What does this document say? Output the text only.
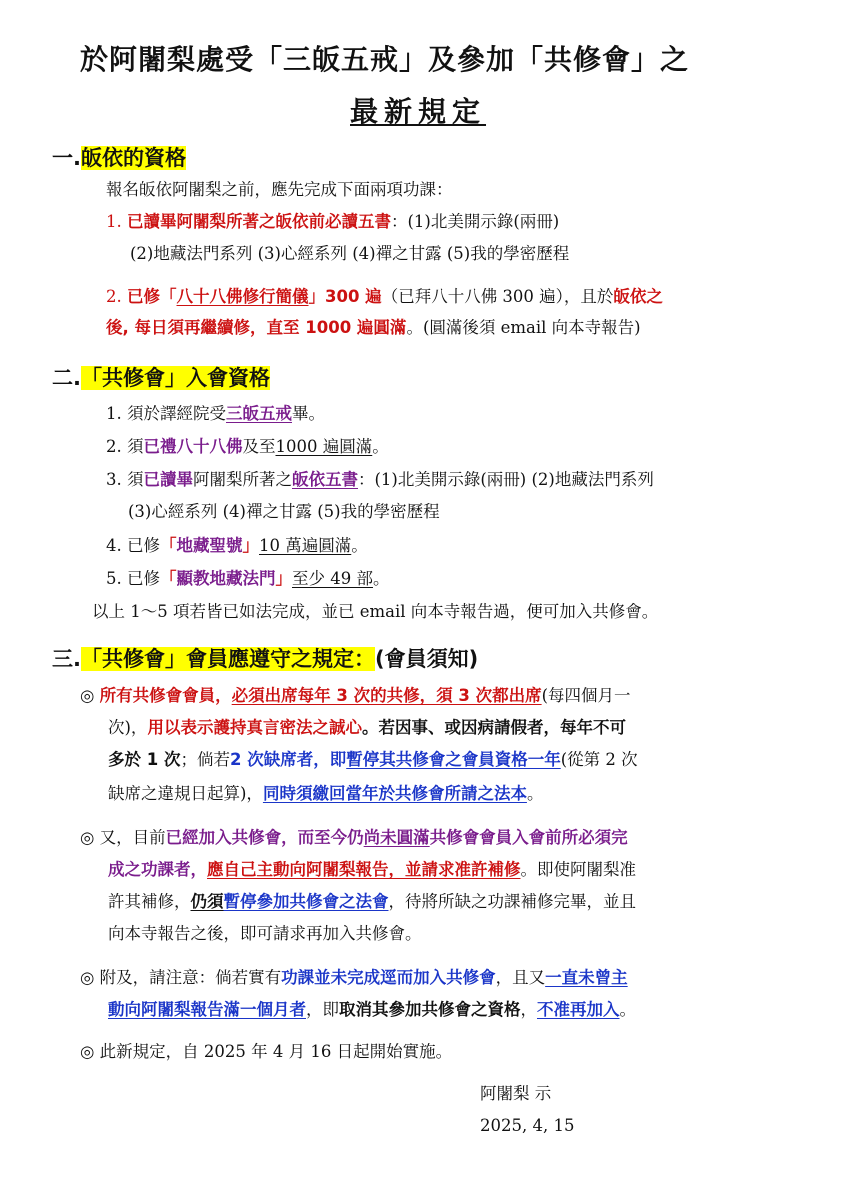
於阿闍梨處受「三皈五戒」及參加「共修會」之
最新規定
一.皈依的資格
報名皈依阿闍梨之前，應先完成下面兩項功課：
1. 已讀畢阿闍梨所著之皈依前必讀五書：(1)北美開示錄(兩冊)
(2)地藏法門系列 (3)心經系列 (4)禪之甘露 (5)我的學密歷程
2. 已修「八十八佛修行簡儀」300 遍（已拜八十八佛 300 遍），且於皈依之
後, 每日須再繼續修，直至 1000 遍圓滿。(圓滿後須 email 向本寺報告)
二.「共修會」入會資格
1. 須於譯經院受三皈五戒畢。
2. 須已禮八十八佛及至1000 遍圓滿。
3. 須已讀畢阿闍梨所著之皈依五書：(1)北美開示錄(兩冊) (2)地藏法門系列
(3)心經系列 (4)禪之甘露 (5)我的學密歷程
4. 已修「地藏聖號」10 萬遍圓滿。
5. 已修「顯教地藏法門」至少 49 部。
以上 1～5 項若皆已如法完成，並已 email 向本寺報告過，便可加入共修會。
三.「共修會」會員應遵守之規定：(會員須知)
◎ 所有共修會會員，必須出席每年 3 次的共修，須 3 次都出席(每四個月一
次)，用以表示護持真言密法之誠心。若因事、或因病請假者，每年不可
多於 1 次；倘若2 次缺席者，即暫停其共修會之會員資格一年(從第 2 次
缺席之違規日起算)，同時須繳回當年於共修會所請之法本。
◎ 又，目前已經加入共修會，而至今仍尚未圓滿共修會會員入會前所必須完
成之功課者，應自己主動向阿闍梨報告，並請求准許補修。即使阿闍梨准
許其補修，仍須暫停參加共修會之法會，待將所缺之功課補修完畢，並且
向本寺報告之後，即可請求再加入共修會。
◎ 附及，請注意：倘若實有功課並未完成逕而加入共修會，且又一直未曾主
動向阿闍梨報告滿一個月者，即取消其參加共修會之資格，不准再加入。
◎ 此新規定，自 2025 年 4 月 16 日起開始實施。
阿闍梨 示
2025, 4, 15
